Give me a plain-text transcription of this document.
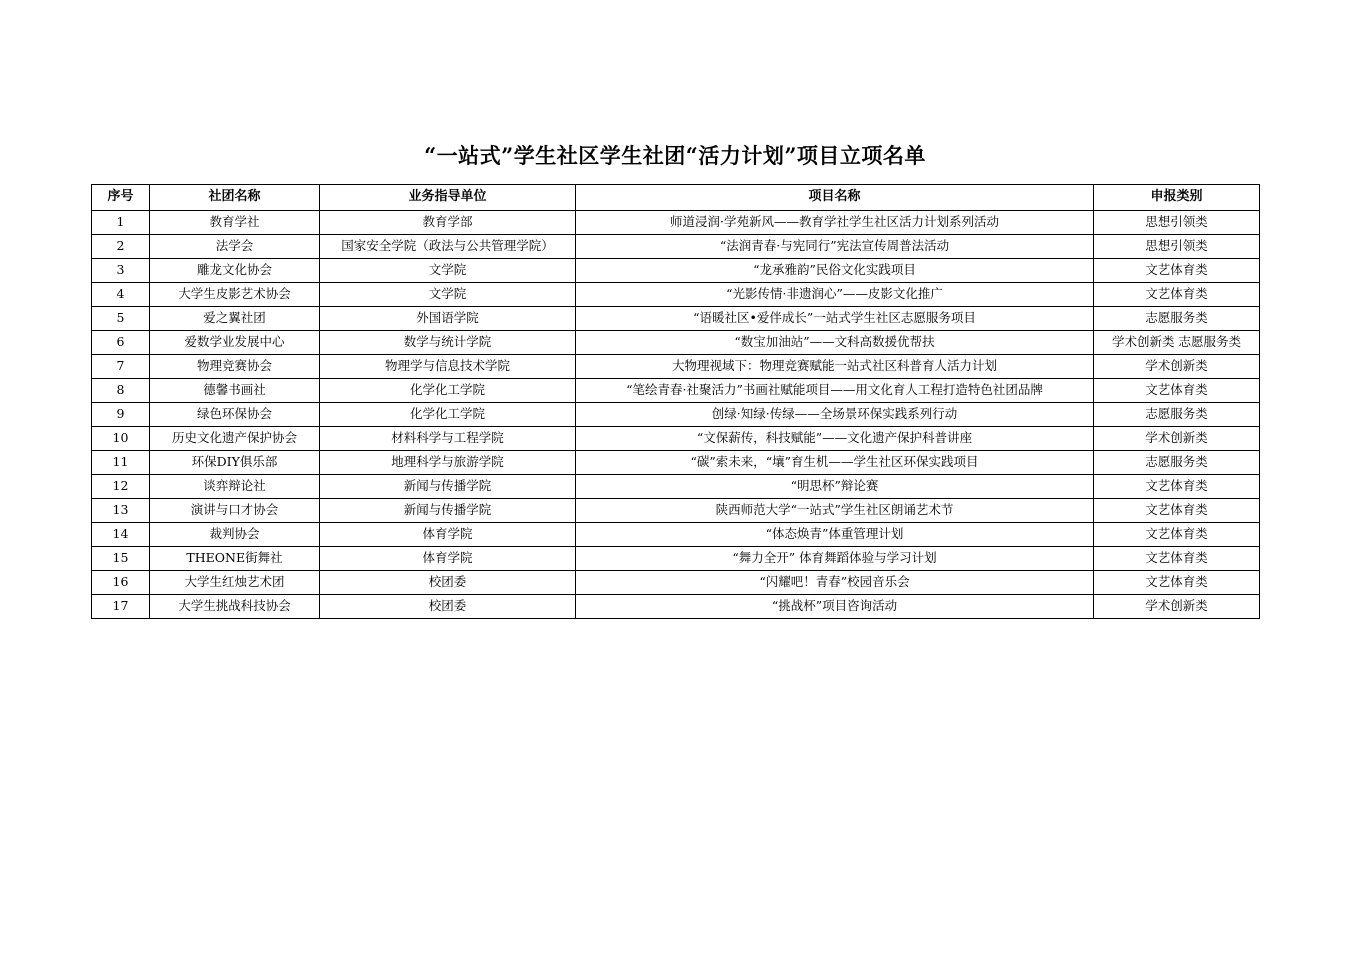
“一站式”学生社区学生社团“活力计划”项目立项名单
序号	社团名称	业务指导单位	项目名称	申报类别
1	教育学社	教育学部	师道浸润·学苑新风——教育学社学生社区活力计划系列活动	思想引领类
2	法学会	国家安全学院（政法与公共管理学院）	“法润青春·与宪同行”宪法宣传周普法活动	思想引领类
3	雕龙文化协会	文学院	“龙承雅韵”民俗文化实践项目	文艺体育类
4	大学生皮影艺术协会	文学院	“光影传情·非遗润心”——皮影文化推广	文艺体育类
5	爱之翼社团	外国语学院	“语暖社区•爱伴成长”一站式学生社区志愿服务项目	志愿服务类
6	爱数学业发展中心	数学与统计学院	“数宝加油站”——文科高数援优帮扶	学术创新类 志愿服务类
7	物理竞赛协会	物理学与信息技术学院	大物理视域下：物理竞赛赋能一站式社区科普育人活力计划	学术创新类
8	德馨书画社	化学化工学院	“笔绘青春·社聚活力”书画社赋能项目——用文化育人工程打造特色社团品牌	文艺体育类
9	绿色环保协会	化学化工学院	创绿·知绿·传绿——全场景环保实践系列行动	志愿服务类
10	历史文化遗产保护协会	材料科学与工程学院	“文保薪传，科技赋能”——文化遗产保护科普讲座	学术创新类
11	环保DIY俱乐部	地理科学与旅游学院	“碳”索未来，“壤”育生机——学生社区环保实践项目	志愿服务类
12	谈弈辩论社	新闻与传播学院	“明思杯”辩论赛	文艺体育类
13	演讲与口才协会	新闻与传播学院	陕西师范大学“一站式”学生社区朗诵艺术节	文艺体育类
14	裁判协会	体育学院	“体态焕青”体重管理计划	文艺体育类
15	THEONE街舞社	体育学院	“舞力全开” 体育舞蹈体验与学习计划	文艺体育类
16	大学生红烛艺术团	校团委	“闪耀吧！青春”校园音乐会	文艺体育类
17	大学生挑战科技协会	校团委	“挑战杯”项目咨询活动	学术创新类
